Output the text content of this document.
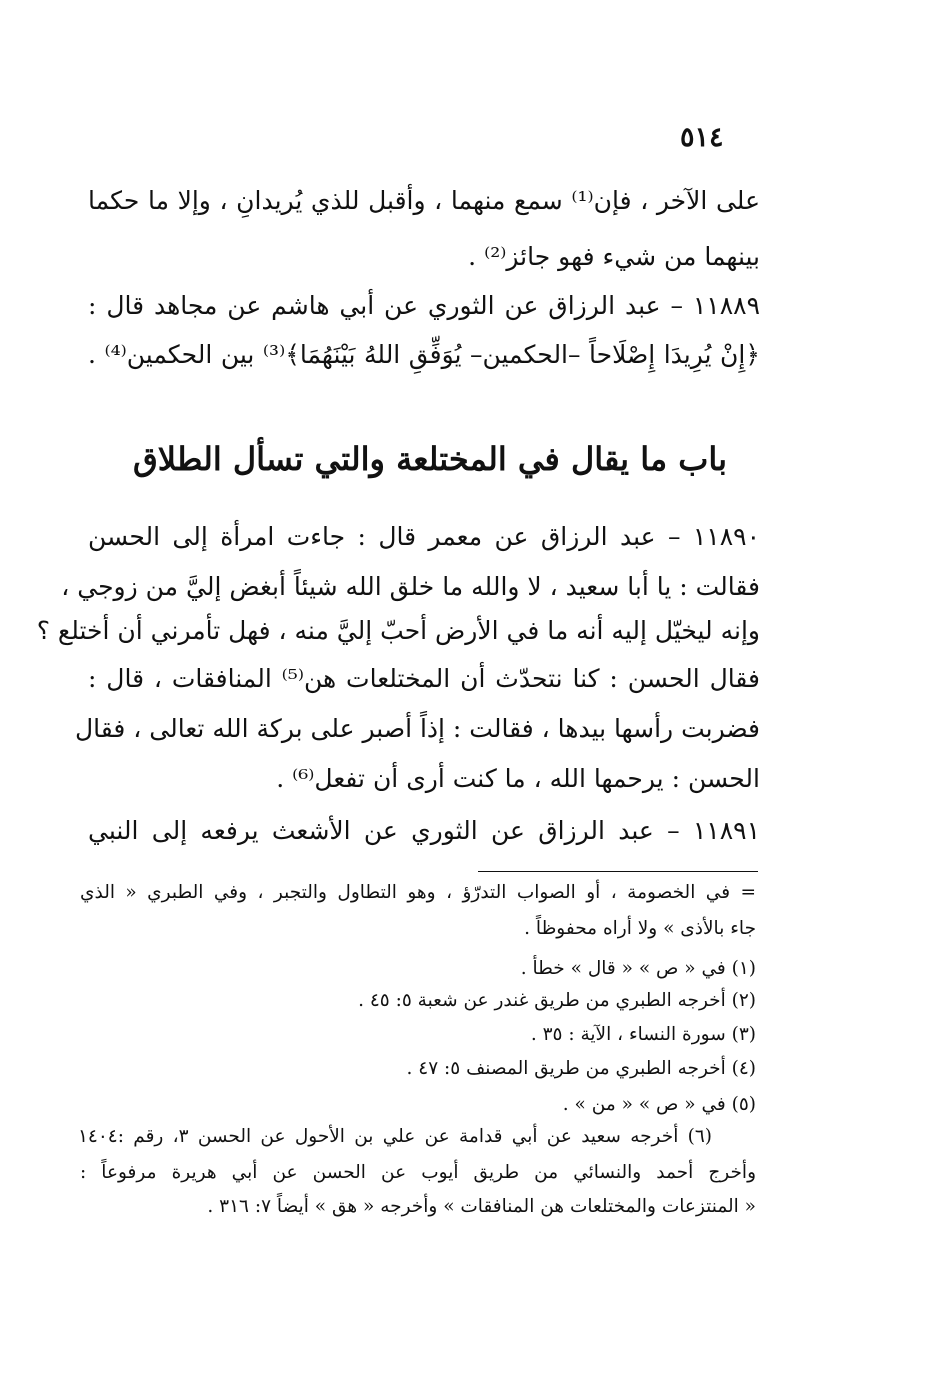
٥١٤
على الآخر ، فإن⁽¹⁾ سمع منهما ، وأقبل للذي يُريدانِ ، وإلا ما حكما
بينهما من شيء فهو جائز⁽²⁾ .
١١٨٨٩ – عبد الرزاق عن الثوري عن أبي هاشم عن مجاهد قال :
﴿إِنْ يُرِيدَا إِصْلَاحاً –الحكمين– يُوَفِّقِ اللهُ بَيْنَهُمَا﴾⁽³⁾ بين الحكمين⁽⁴⁾ .
باب ما يقال في المختلعة والتي تسأل الطلاق
١١٨٩٠ – عبد الرزاق عن معمر قال : جاءت امرأة إلى الحسن
فقالت : يا أبا سعيد ، لا والله ما خلق الله شيئاً أبغض إليَّ من زوجي ،
وإنه ليخيّل إليه أنه ما في الأرض أحبّ إليَّ منه ، فهل تأمرني أن أختلع ؟
فقال الحسن : كنا نتحدّث أن المختلعات هن⁽⁵⁾ المنافقات ، قال :
فضربت رأسها بيدها ، فقالت : إذاً أصبر على بركة الله تعالى ، فقال
الحسن : يرحمها الله ، ما كنت أرى أن تفعل⁽⁶⁾ .
١١٨٩١ – عبد الرزاق عن الثوري عن الأشعث يرفعه إلى النبي
= في الخصومة ، أو الصواب التدرّؤ ، وهو التطاول والتجبر ، وفي الطبري « الذي
جاء بالأذى » ولا أراه محفوظاً .
(١) في « ص » « قال » خطأ .
(٢) أخرجه الطبري من طريق غندر عن شعبة ٥: ٤٥ .
(٣) سورة النساء ، الآية : ٣٥ .
(٤) أخرجه الطبري من طريق المصنف ٥: ٤٧ .
(٥) في « ص » « من » .
(٦) أخرجه سعيد عن أبي قدامة عن علي بن الأحول عن الحسن ٣، رقم :١٤٠٤
وأخرج أحمد والنسائي من طريق أيوب عن الحسن عن أبي هريرة مرفوعاً :
« المنتزعات والمختلعات هن المنافقات » وأخرجه « هق » أيضاً ٧: ٣١٦ .
